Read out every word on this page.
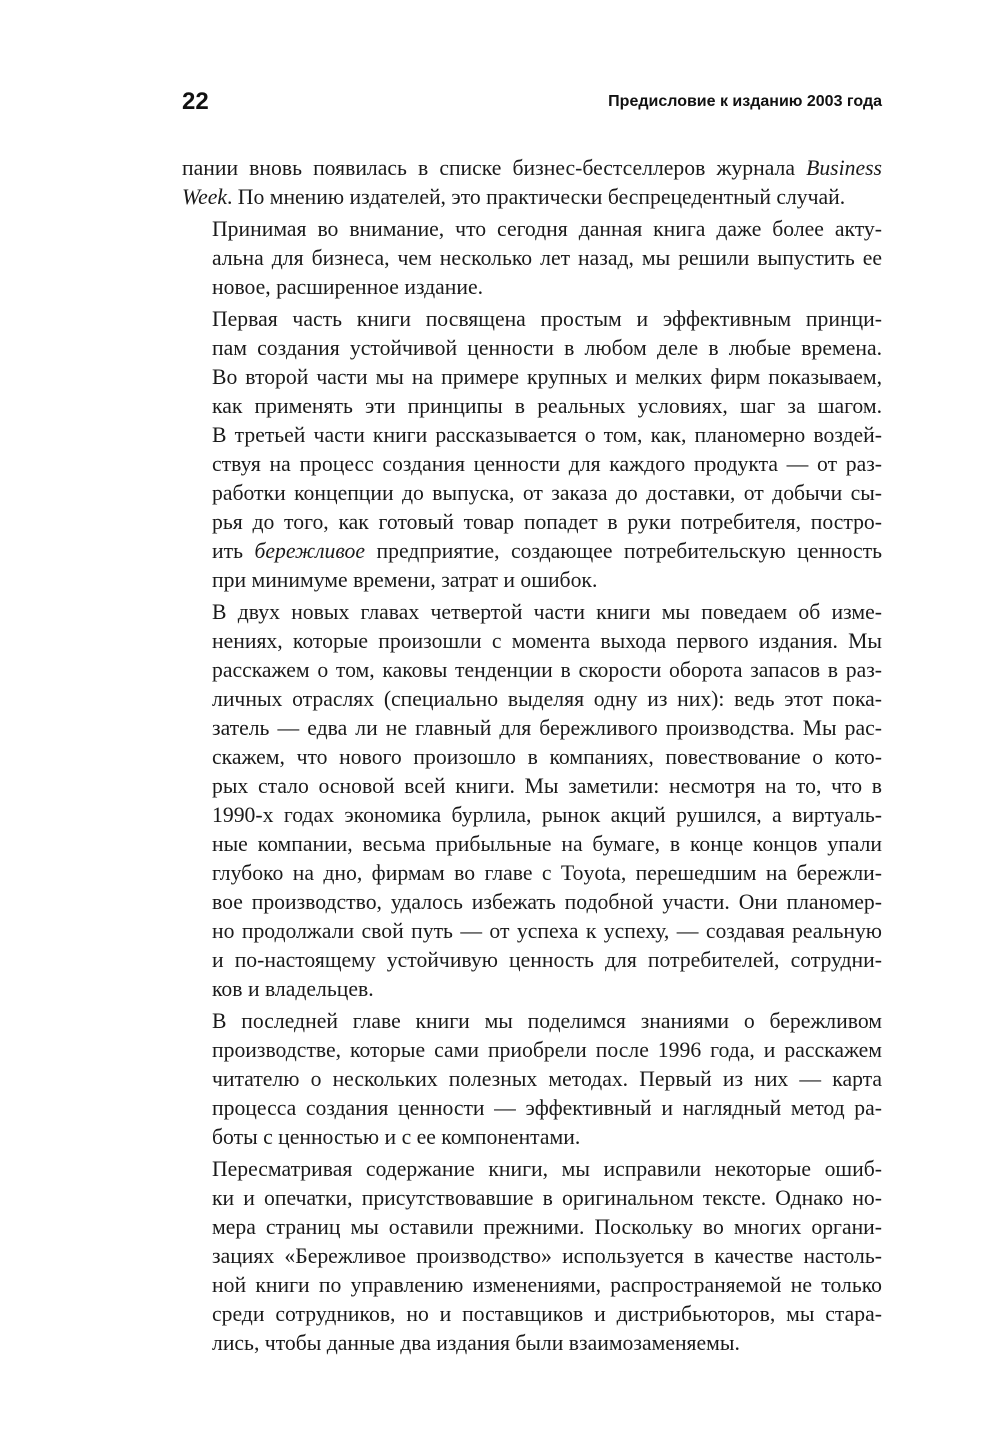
22	Предисловие к изданию 2003 года
пании вновь появилась в списке бизнес-бестселлеров журнала Business
Week. По мнению издателей, это практически беспрецедентный случай.
Принимая во внимание, что сегодня данная книга даже более акту-
альна для бизнеса, чем несколько лет назад, мы решили выпустить ее
новое, расширенное издание.
Первая часть книги посвящена простым и эффективным принци-
пам создания устойчивой ценности в любом деле в любые времена.
Во второй части мы на примере крупных и мелких фирм показываем,
как применять эти принципы в реальных условиях, шаг за шагом.
В третьей части книги рассказывается о том, как, планомерно воздей-
ствуя на процесс создания ценности для каждого продукта — от раз-
работки концепции до выпуска, от заказа до доставки, от добычи сы-
рья до того, как готовый товар попадет в руки потребителя, постро-
ить бережливое предприятие, создающее потребительскую ценность
при минимуме времени, затрат и ошибок.
В двух новых главах четвертой части книги мы поведаем об изме-
нениях, которые произошли с момента выхода первого издания. Мы
расскажем о том, каковы тенденции в скорости оборота запасов в раз-
личных отраслях (специально выделяя одну из них): ведь этот пока-
затель — едва ли не главный для бережливого производства. Мы рас-
скажем, что нового произошло в компаниях, повествование о кото-
рых стало основой всей книги. Мы заметили: несмотря на то, что в
1990-х годах экономика бурлила, рынок акций рушился, а виртуаль-
ные компании, весьма прибыльные на бумаге, в конце концов упали
глубоко на дно, фирмам во главе с Toyota, перешедшим на бережли-
вое производство, удалось избежать подобной участи. Они планомер-
но продолжали свой путь — от успеха к успеху, — создавая реальную
и по-настоящему устойчивую ценность для потребителей, сотрудни-
ков и владельцев.
В последней главе книги мы поделимся знаниями о бережливом
производстве, которые сами приобрели после 1996 года, и расскажем
читателю о нескольких полезных методах. Первый из них — карта
процесса создания ценности — эффективный и наглядный метод ра-
боты с ценностью и с ее компонентами.
Пересматривая содержание книги, мы исправили некоторые ошиб-
ки и опечатки, присутствовавшие в оригинальном тексте. Однако но-
мера страниц мы оставили прежними. Поскольку во многих органи-
зациях «Бережливое производство» используется в качестве настоль-
ной книги по управлению изменениями, распространяемой не только
среди сотрудников, но и поставщиков и дистрибьюторов, мы стара-
лись, чтобы данные два издания были взаимозаменяемы.
